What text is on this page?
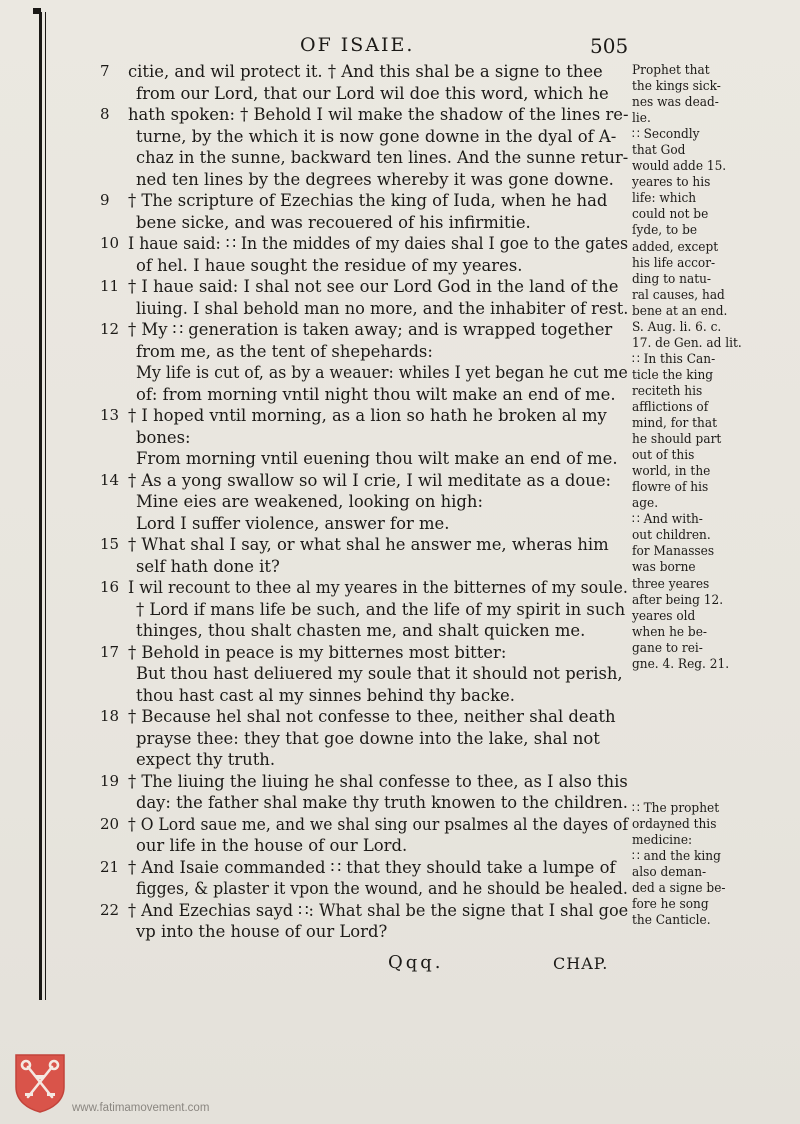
OF ISAIE.	505
7	citie, and wil protect it. † And this shal be a signe to thee
from our Lord, that our Lord wil doe this word, which he
8	hath spoken: † Behold I wil make the shadow of the lines re-
turne, by the which it is now gone downe in the dyal of A-
chaz in the sunne, backward ten lines. And the sunne retur-
ned ten lines by the degrees whereby it was gone downe.
9	† The scripture of Ezechias the king of Iuda, when he had
bene sicke, and was recouered of his infirmitie.
10 I haue said: ∷ In the middes of my daies shal I goe to the gates
of hel. I haue sought the residue of my yeares.
11 † I haue said: I shal not see our Lord God in the land of the
liuing. I shal behold man no more, and the inhabiter of rest.
12 † My ∷ generation is taken away; and is wrapped together
from me, as the tent of shepehards:
My life is cut of, as by a weauer: whiles I yet began he cut me
of: from morning vntil night thou wilt make an end of me.
13 † I hoped vntil morning, as a lion so hath he broken al my
bones:
From morning vntil euening thou wilt make an end of me.
14 † As a yong swallow so wil I crie, I wil meditate as a doue:
Mine eies are weakened, looking on high:
Lord I suffer violence, answer for me.
15 † What shal I say, or what shal he answer me, wheras him
self hath done it?
16 I wil recount to thee al my yeares in the bitternes of my soule.
† Lord if mans life be such, and the life of my spirit in such
thinges, thou shalt chasten me, and shalt quicken me.
17 † Behold in peace is my bitternes most bitter:
But thou hast deliuered my soule that it should not perish,
thou hast cast al my sinnes behind thy backe.
18 † Because hel shal not confesse to thee, neither shal death
prayse thee: they that goe downe into the lake, shal not
expect thy truth.
19 † The liuing the liuing he shal confesse to thee, as I also this
day: the father shal make thy truth knowen to the children.
20 † O Lord saue me, and we shal sing our psalmes al the dayes of
our life in the house of our Lord.
21 † And Isaie commanded ∷ that they should take a lumpe of
figges, & plaster it vpon the wound, and he should be healed.
22 † And Ezechias sayd ∷: What shal be the signe that I shal goe
vp into the house of our Lord?
Prophet that
the kings sick-
nes was dead-
lie.
∷ Secondly
that God
would adde 15.
yeares to his
life: which
could not be
ſyde, to be
added, except
his life accor-
ding to natu-
ral causes, had
bene at an end.
S. Aug. li. 6. c.
17. de Gen. ad lit.
∷ In this Can-
ticle the king
reciteth his
afflictions of
mind, for that
he should part
out of this
world, in the
flowre of his
age.
∷ And with-
out children.
for Manasses
was borne
three yeares
after being 12.
yeares old
when he be-
gane to rei-
gne. 4. Reg. 21.
∷ The prophet
ordayned this
medicine:
∷ and the king
also deman-
ded a signe be-
fore he song
the Canticle.
Qqq.	CHAP.
www.fatimamovement.com
